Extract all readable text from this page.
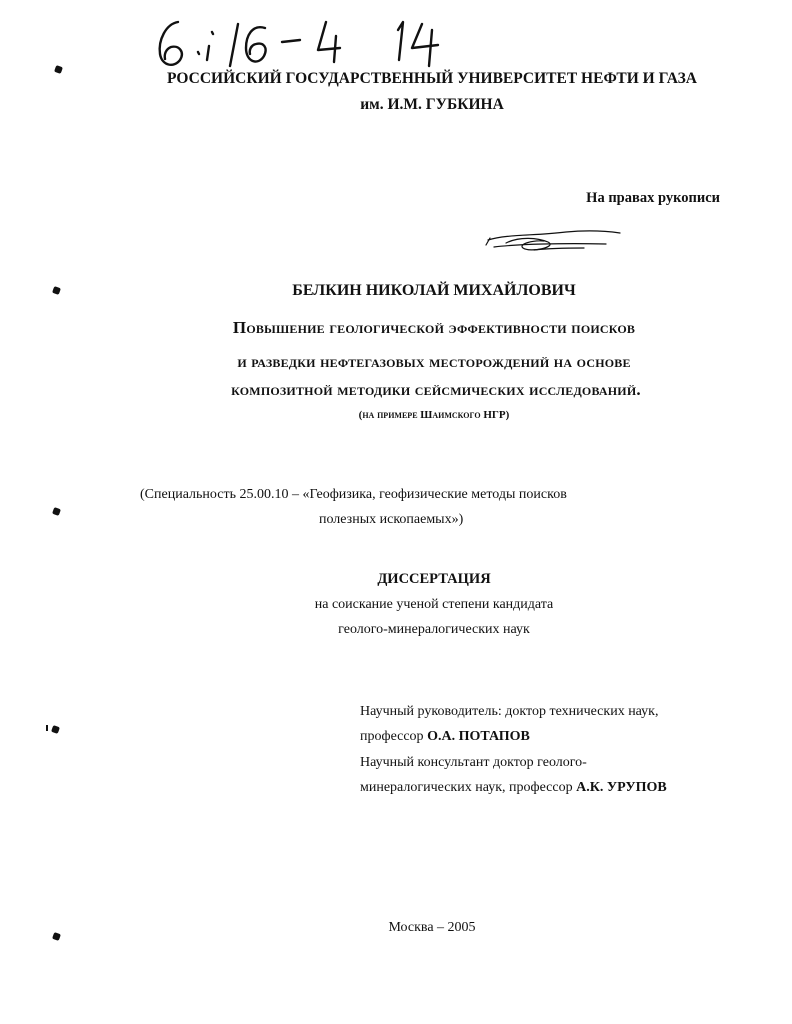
РОССИЙСКИЙ ГОСУДАРСТВЕННЫЙ УНИВЕРСИТЕТ НЕФТИ И ГАЗА
им. И.М. ГУБКИНА
На правах рукописи
БЕЛКИН НИКОЛАЙ МИХАЙЛОВИЧ
Повышение геологической эффективности поисков
и разведки нефтегазовых месторождений на основе
композитной методики сейсмических исследований.
(на примере Шаимского НГР)
(Специальность 25.00.10 – «Геофизика, геофизические методы поисков
полезных ископаемых»)
ДИССЕРТАЦИЯ
на соискание ученой степени кандидата
геолого-минералогических наук
Научный руководитель: доктор технических наук,
профессор О.А. ПОТАПОВ
Научный консультант доктор геолого-
минералогических наук, профессор А.К. УРУПОВ
Москва – 2005
